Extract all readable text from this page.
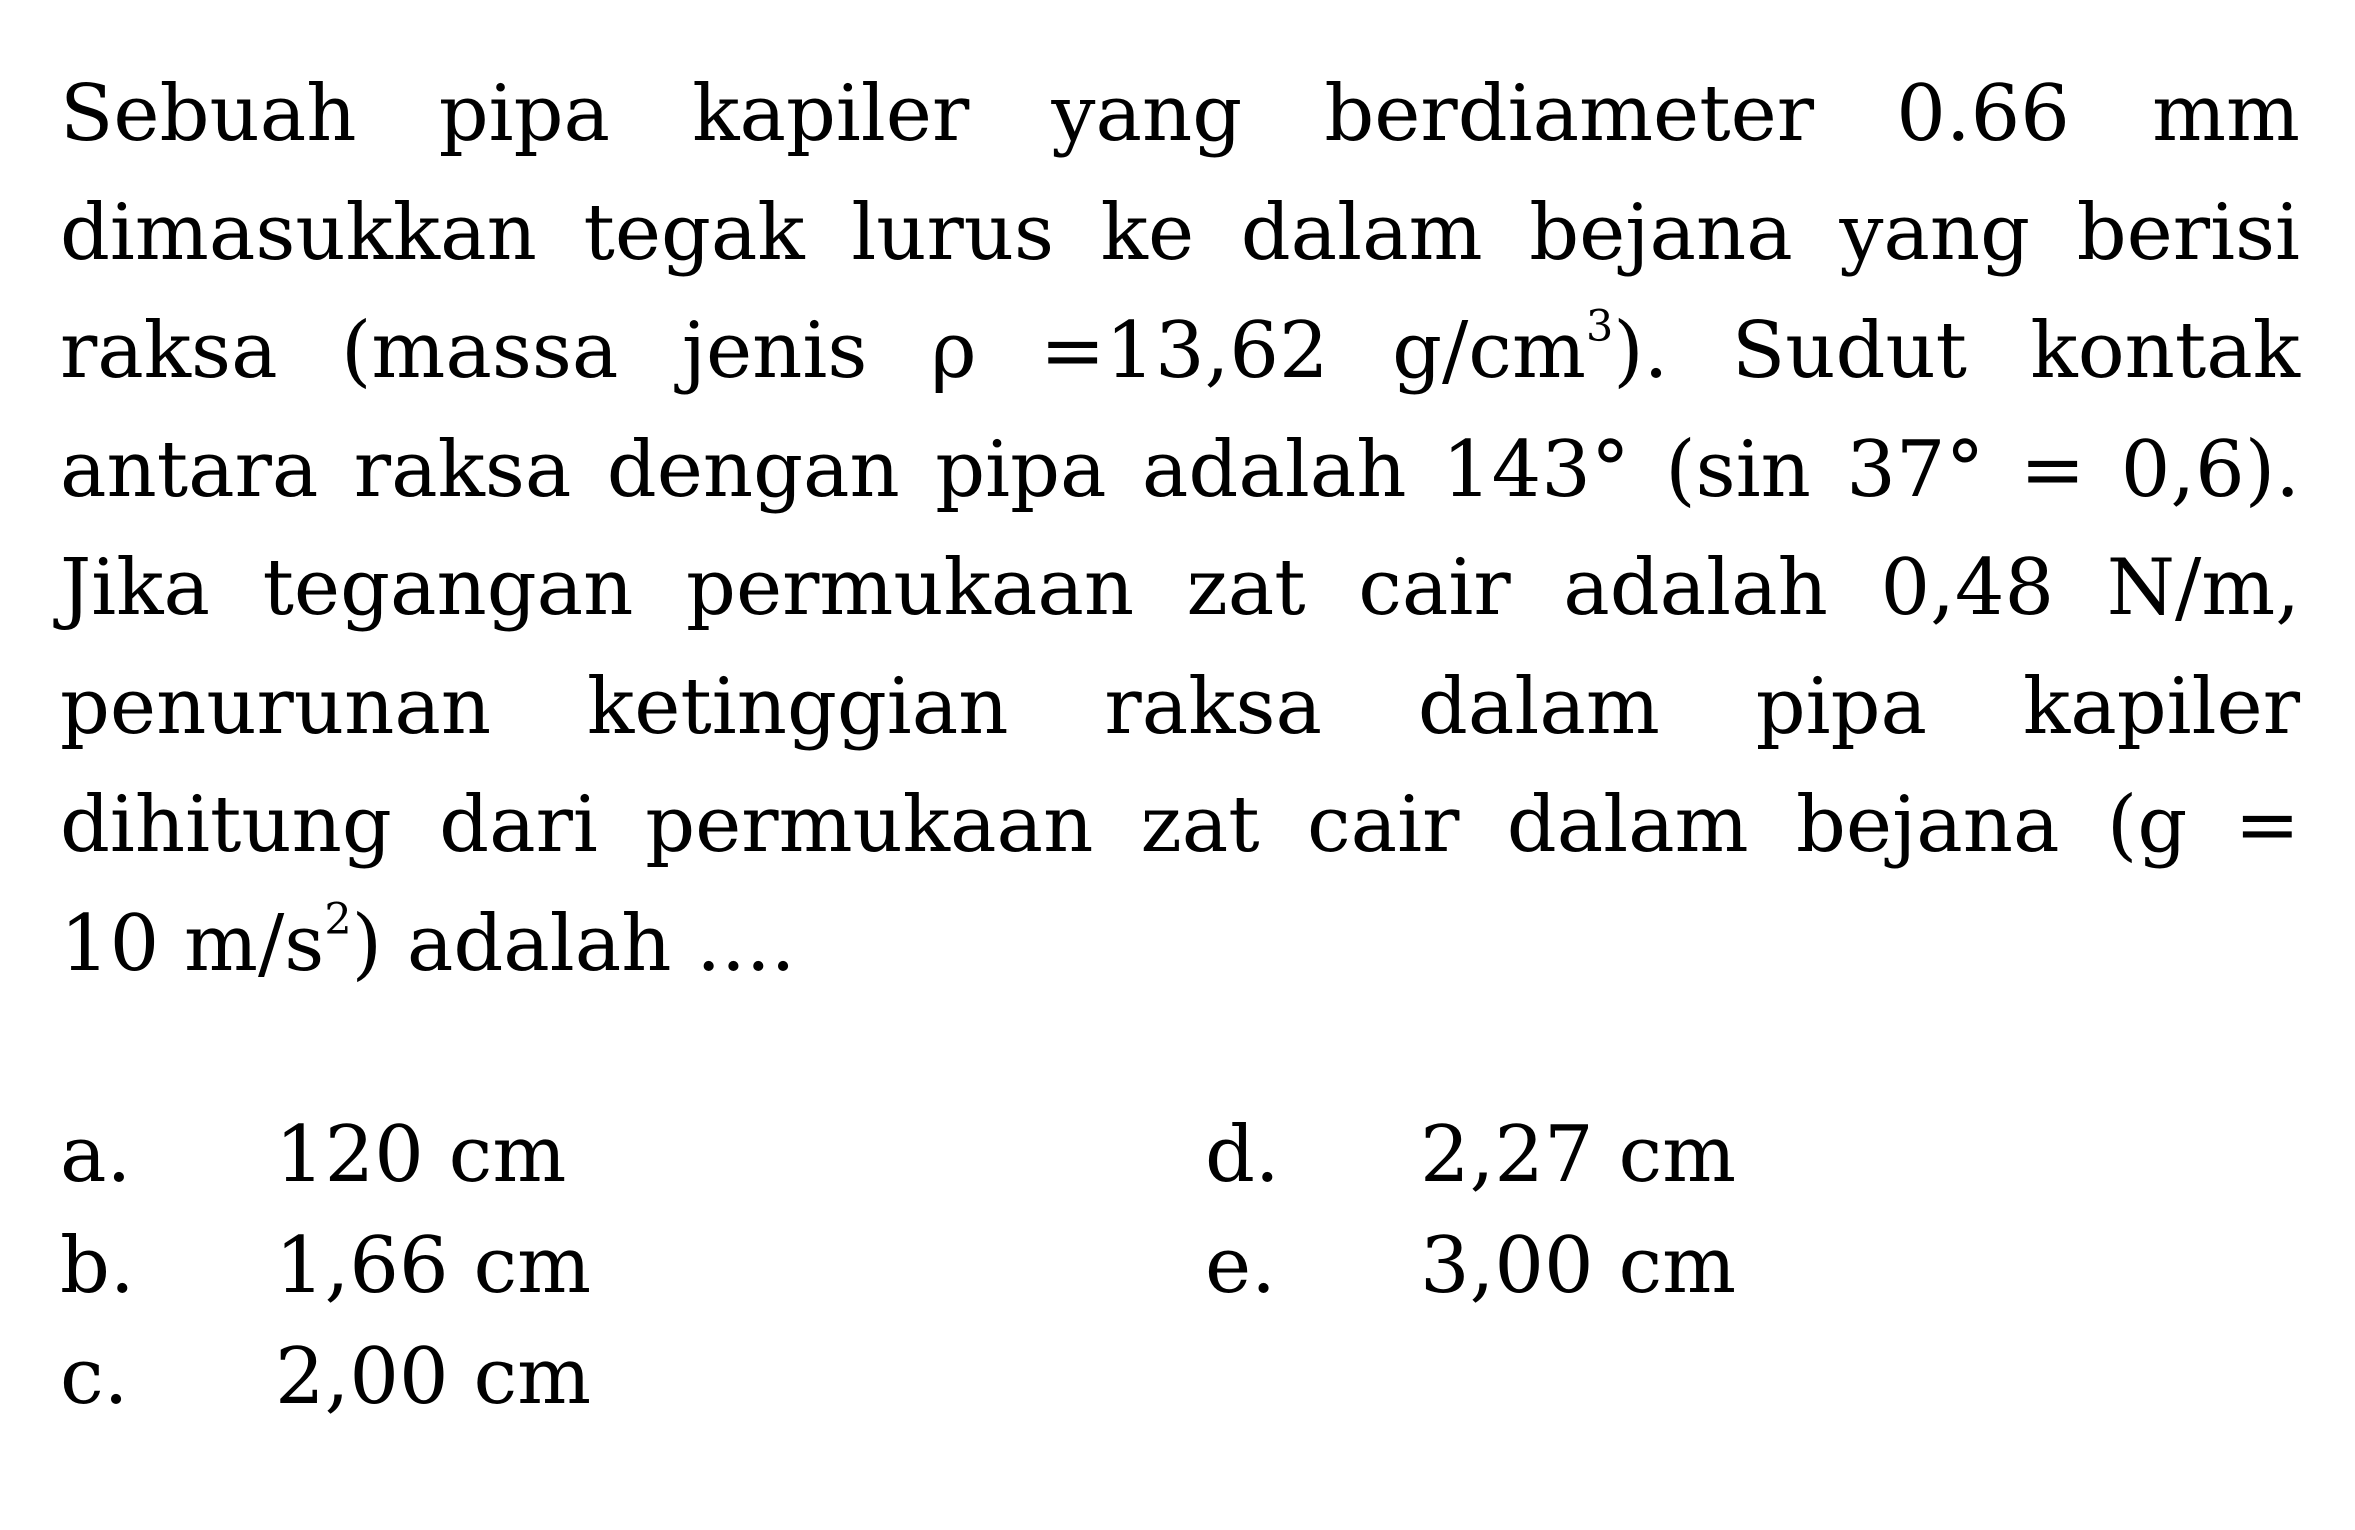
Sebuah pipa kapiler yang berdiameter 0.66 mm
dimasukkan tegak lurus ke dalam bejana yang berisi
raksa (massa jenis ρ =13,62 $g/cm^3$). Sudut kontak
antara raksa dengan pipa adalah 143° (sin 37° = 0,6).
Jika tegangan permukaan zat cair adalah 0,48 N/m,
penurunan ketinggian raksa dalam pipa kapiler
dihitung dari permukaan zat cair dalam bejana (g =
10 $m/s^2$) adalah ....

a. 120 cm
b. 1,66 cm
c. 2,00 cm
d. 2,27 cm
e. 3,00 cm
